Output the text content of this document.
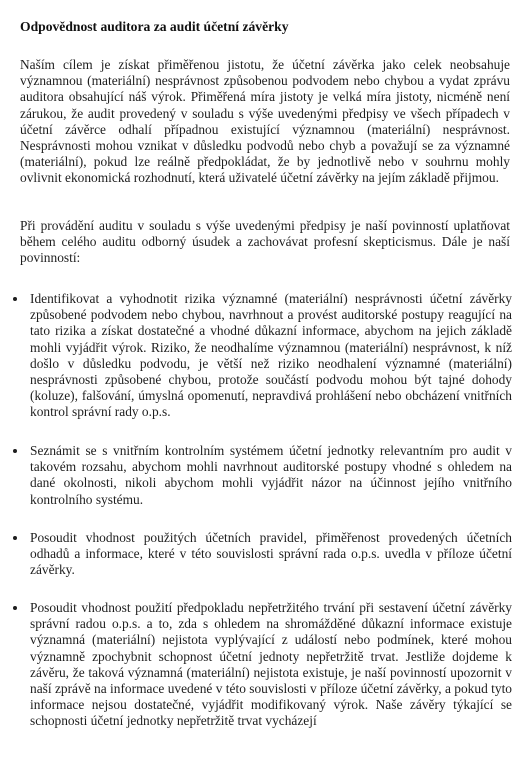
Odpovědnost auditora za audit účetní závěrky

Naším cílem je získat přiměřenou jistotu, že účetní závěrka jako celek neobsahuje významnou (materiální) nesprávnost způsobenou podvodem nebo chybou a vydat zprávu auditora obsahující náš výrok. Přiměřená míra jistoty je velká míra jistoty, nicméně není zárukou, že audit provedený v souladu s výše uvedenými předpisy ve všech případech v účetní závěrce odhalí případnou existující významnou (materiální) nesprávnost. Nesprávnosti mohou vznikat v důsledku podvodů nebo chyb a považují se za významné (materiální), pokud lze reálně předpokládat, že by jednotlivě nebo v souhrnu mohly ovlivnit ekonomická rozhodnutí, která uživatelé účetní závěrky na jejím základě přijmou.

Při provádění auditu v souladu s výše uvedenými předpisy je naší povinností uplatňovat během celého auditu odborný úsudek a zachovávat profesní skepticismus. Dále je naší povinností:

Identifikovat a vyhodnotit rizika významné (materiální) nesprávnosti účetní závěrky způsobené podvodem nebo chybou, navrhnout a provést auditorské postupy reagující na tato rizika a získat dostatečné a vhodné důkazní informace, abychom na jejich základě mohli vyjádřit výrok. Riziko, že neodhalíme významnou (materiální) nesprávnost, k níž došlo v důsledku podvodu, je větší než riziko neodhalení významné (materiální) nesprávnosti způsobené chybou, protože součástí podvodu mohou být tajné dohody (koluze), falšování, úmyslná opomenutí, nepravdivá prohlášení nebo obcházení vnitřních kontrol správní rady o.p.s.
Seznámit se s vnitřním kontrolním systémem účetní jednotky relevantním pro audit v takovém rozsahu, abychom mohli navrhnout auditorské postupy vhodné s ohledem na dané okolnosti, nikoli abychom mohli vyjádřit názor na účinnost jejího vnitřního kontrolního systému.
Posoudit vhodnost použitých účetních pravidel, přiměřenost provedených účetních odhadů a informace, které v této souvislosti správní rada o.p.s. uvedla v příloze účetní závěrky.
Posoudit vhodnost použití předpokladu nepřetržitého trvání při sestavení účetní závěrky správní radou o.p.s. a to, zda s ohledem na shromážděné důkazní informace existuje významná (materiální) nejistota vyplývající z událostí nebo podmínek, které mohou významně zpochybnit schopnost účetní jednoty nepřetržitě trvat. Jestliže dojdeme k závěru, že taková významná (materiální) nejistota existuje, je naší povinností upozornit v naší zprávě na informace uvedené v této souvislosti v příloze účetní závěrky, a pokud tyto informace nejsou dostatečné, vyjádřit modifikovaný výrok. Naše závěry týkající se schopnosti účetní jednotky nepřetržitě trvat vycházejí
